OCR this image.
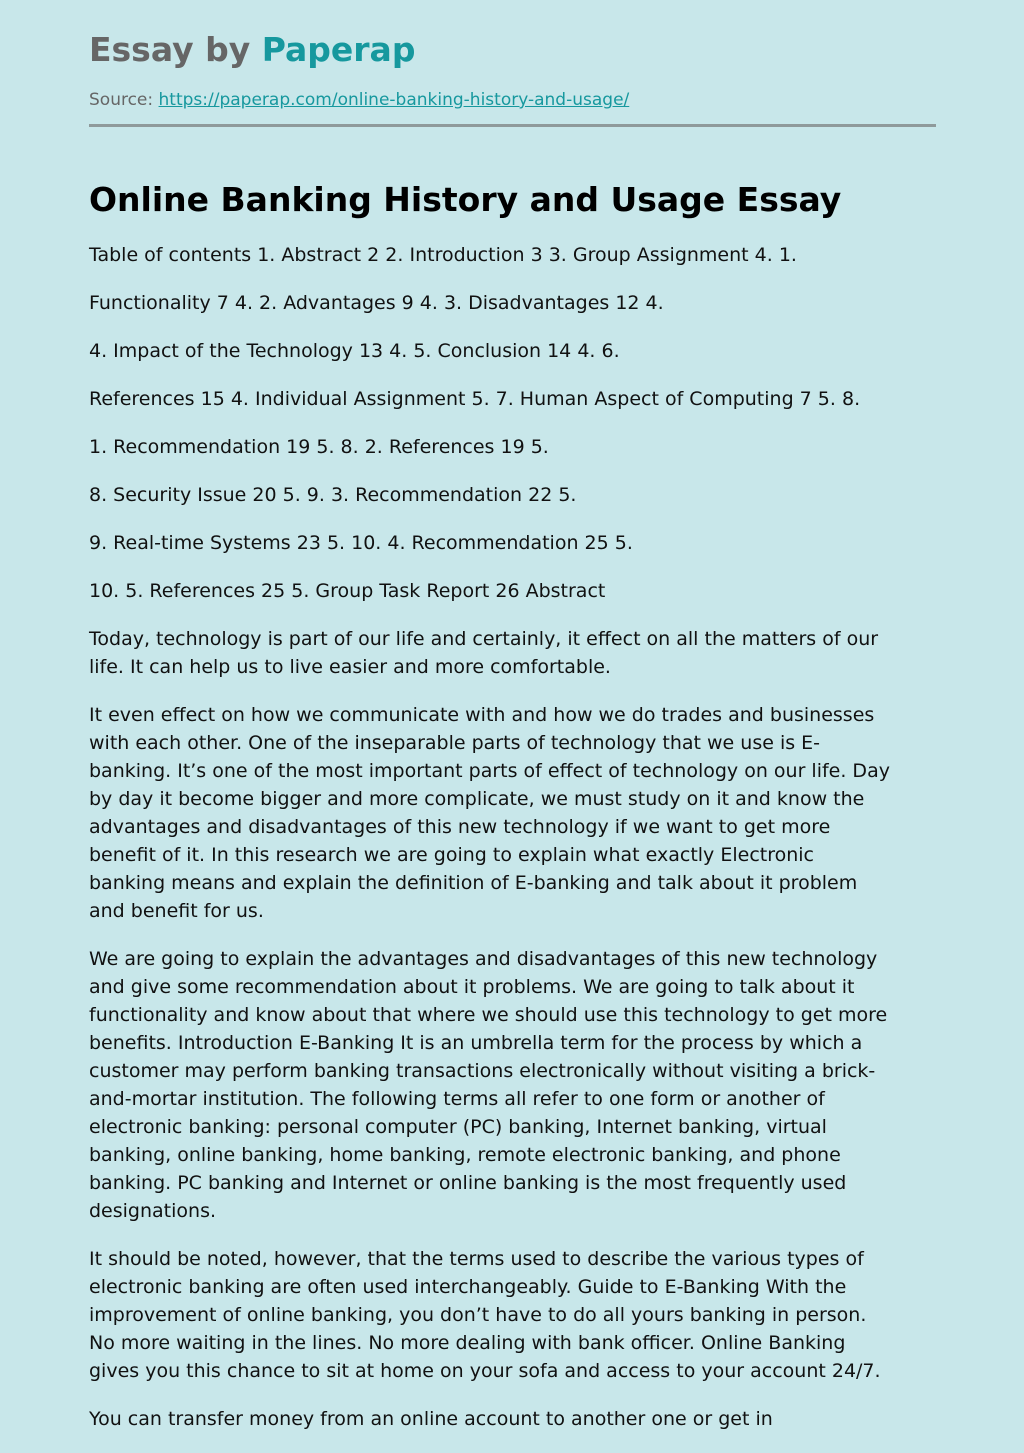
Essay by Paperap
Source: https://paperap.com/online-banking-history-and-usage/
Online Banking History and Usage Essay

Table of contents 1. Abstract 2 2. Introduction 3 3. Group Assignment 4. 1.

Functionality 7 4. 2. Advantages 9 4. 3. Disadvantages 12 4.

4. Impact of the Technology 13 4. 5. Conclusion 14 4. 6.

References 15 4. Individual Assignment 5. 7. Human Aspect of Computing 7 5. 8.

1. Recommendation 19 5. 8. 2. References 19 5.

8. Security Issue 20 5. 9. 3. Recommendation 22 5.

9. Real-time Systems 23 5. 10. 4. Recommendation 25 5.

10. 5. References 25 5. Group Task Report 26 Abstract

Today, technology is part of our life and certainly, it effect on all the matters of our
life. It can help us to live easier and more comfortable.

It even effect on how we communicate with and how we do trades and businesses
with each other. One of the inseparable parts of technology that we use is E-
banking. It’s one of the most important parts of effect of technology on our life. Day
by day it become bigger and more complicate, we must study on it and know the
advantages and disadvantages of this new technology if we want to get more
benefit of it. In this research we are going to explain what exactly Electronic
banking means and explain the definition of E-banking and talk about it problem
and benefit for us.

We are going to explain the advantages and disadvantages of this new technology
and give some recommendation about it problems. We are going to talk about it
functionality and know about that where we should use this technology to get more
benefits. Introduction E-Banking It is an umbrella term for the process by which a
customer may perform banking transactions electronically without visiting a brick-
and-mortar institution. The following terms all refer to one form or another of
electronic banking: personal computer (PC) banking, Internet banking, virtual
banking, online banking, home banking, remote electronic banking, and phone
banking. PC banking and Internet or online banking is the most frequently used
designations.

It should be noted, however, that the terms used to describe the various types of
electronic banking are often used interchangeably. Guide to E-Banking With the
improvement of online banking, you don’t have to do all yours banking in person.
No more waiting in the lines. No more dealing with bank officer. Online Banking
gives you this chance to sit at home on your sofa and access to your account 24/7.

You can transfer money from an online account to another one or get in
